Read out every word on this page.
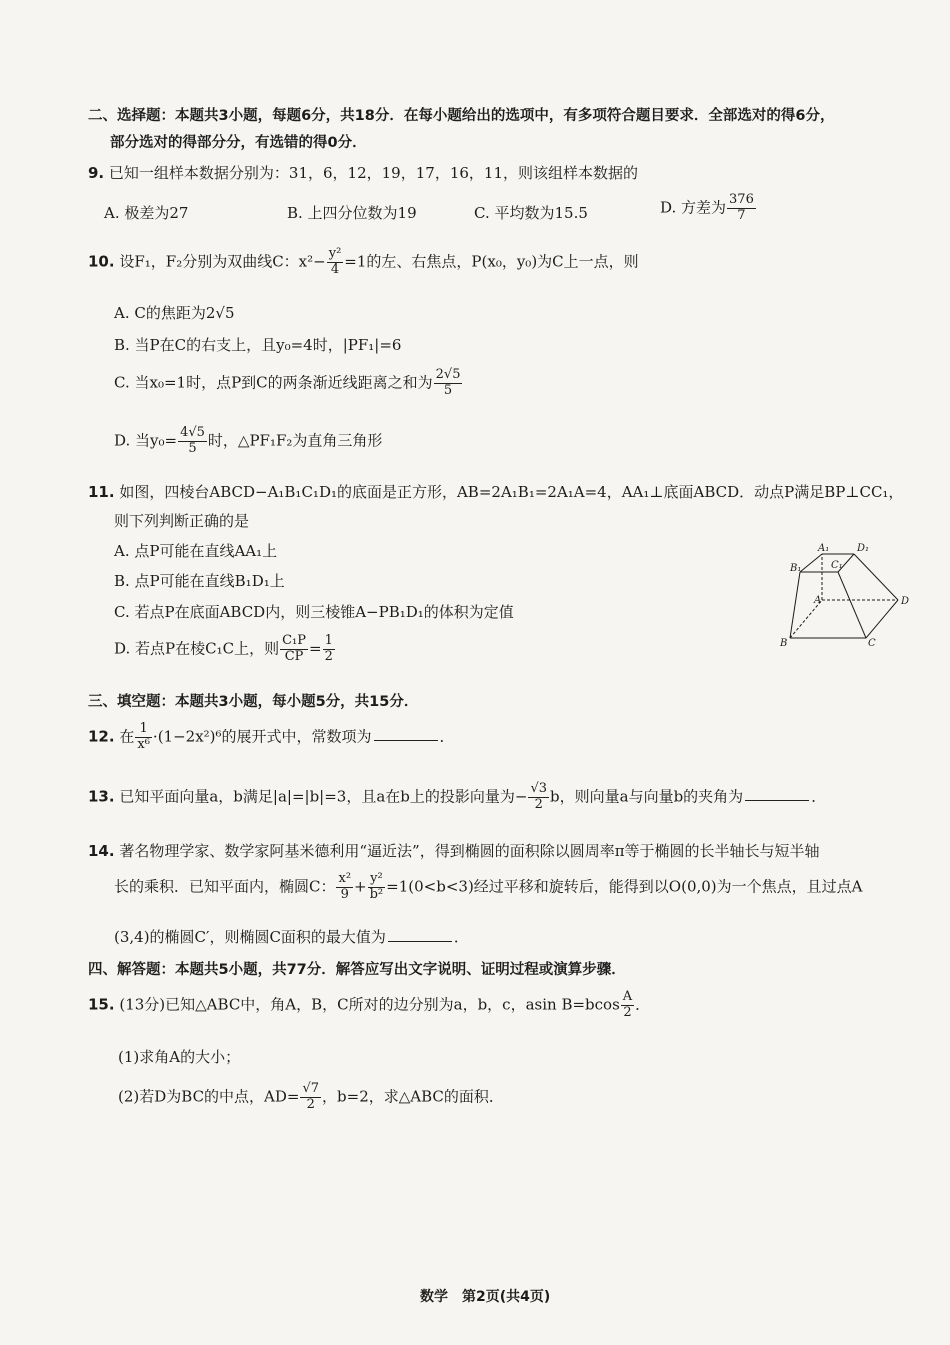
二、选择题：本题共3小题，每题6分，共18分．在每小题给出的选项中，有多项符合题目要求．全部选对的得6分，
部分选对的得部分分，有选错的得0分．
9. 已知一组样本数据分别为：31，6，12，19，17，16，11，则该组样本数据的
A. 极差为27	B. 上四分位数为19	C. 平均数为15.5	D. 方差为 $\frac{376}{7}$
10. 设F₁，F₂分别为双曲线C：$x^2- \frac{\text{y²}}{4} =1$的左、右焦点，P(x₀，y₀)为C上一点，则
A. C的焦距为2√5
B. 当P在C的右支上，且y₀=4时，|PF₁|=6
C. 当x₀=1时，点P到C的两条渐近线距离之和为 $\frac{2√5}{5}$
D. 当$y_0= \frac{4√5}{5}$ 时，△PF₁F₂为直角三角形
11. 如图，四棱台ABCD−A₁B₁C₁D₁的底面是正方形，AB=2A₁B₁=2A₁A=4，AA₁⊥底面ABCD．动点P满足BP⊥CC₁，
则下列判断正确的是
A. 点P可能在直线AA₁上
B. 点P可能在直线B₁D₁上
C. 若点P在底面ABCD内，则三棱锥A−PB₁D₁的体积为定值
D. 若点P在棱C₁C上，则 $\frac{\text{C₁P}}{CP} = \frac{1}{2}$
A₁	D₁
B₁	C₁
A	D
B	C
三、填空题：本题共3小题，每小题5分，共15分．
12. 在 $\frac{1}{\text{x⁶}} \cdot(1-2x^2)^6$的展开式中，常数项为	．
13. 已知平面向量a，b满足|a|=|b|=3，且a在b上的投影向量为− $\frac{√3}{2}$ b，则向量a与向量b的夹角为	．
14. 著名物理学家、数学家阿基米德利用“逼近法”，得到椭圆的面积除以圆周率π等于椭圆的长半轴长与短半轴
长的乘积．已知平面内，椭圆C： $\frac{\text{x²}}{9} + \frac{\text{y²}}{\text{b²}} =1(0<b<3)$经过平移和旋转后，能得到以O(0,0)为一个焦点，且过点A
(3,4)的椭圆C′，则椭圆C面积的最大值为	．
四、解答题：本题共5小题，共77分．解答应写出文字说明、证明过程或演算步骤．
15. (13分)已知△ABC中，角A，B，C所对的边分别为a，b，c，asin $B=bcos \frac{A}{2}$ ．
(1)求角A的大小；
(2)若D为BC的中点，$AD= \frac{√7}{2}$ ，b=2，求△ABC的面积．
数学　第2页(共4页)
